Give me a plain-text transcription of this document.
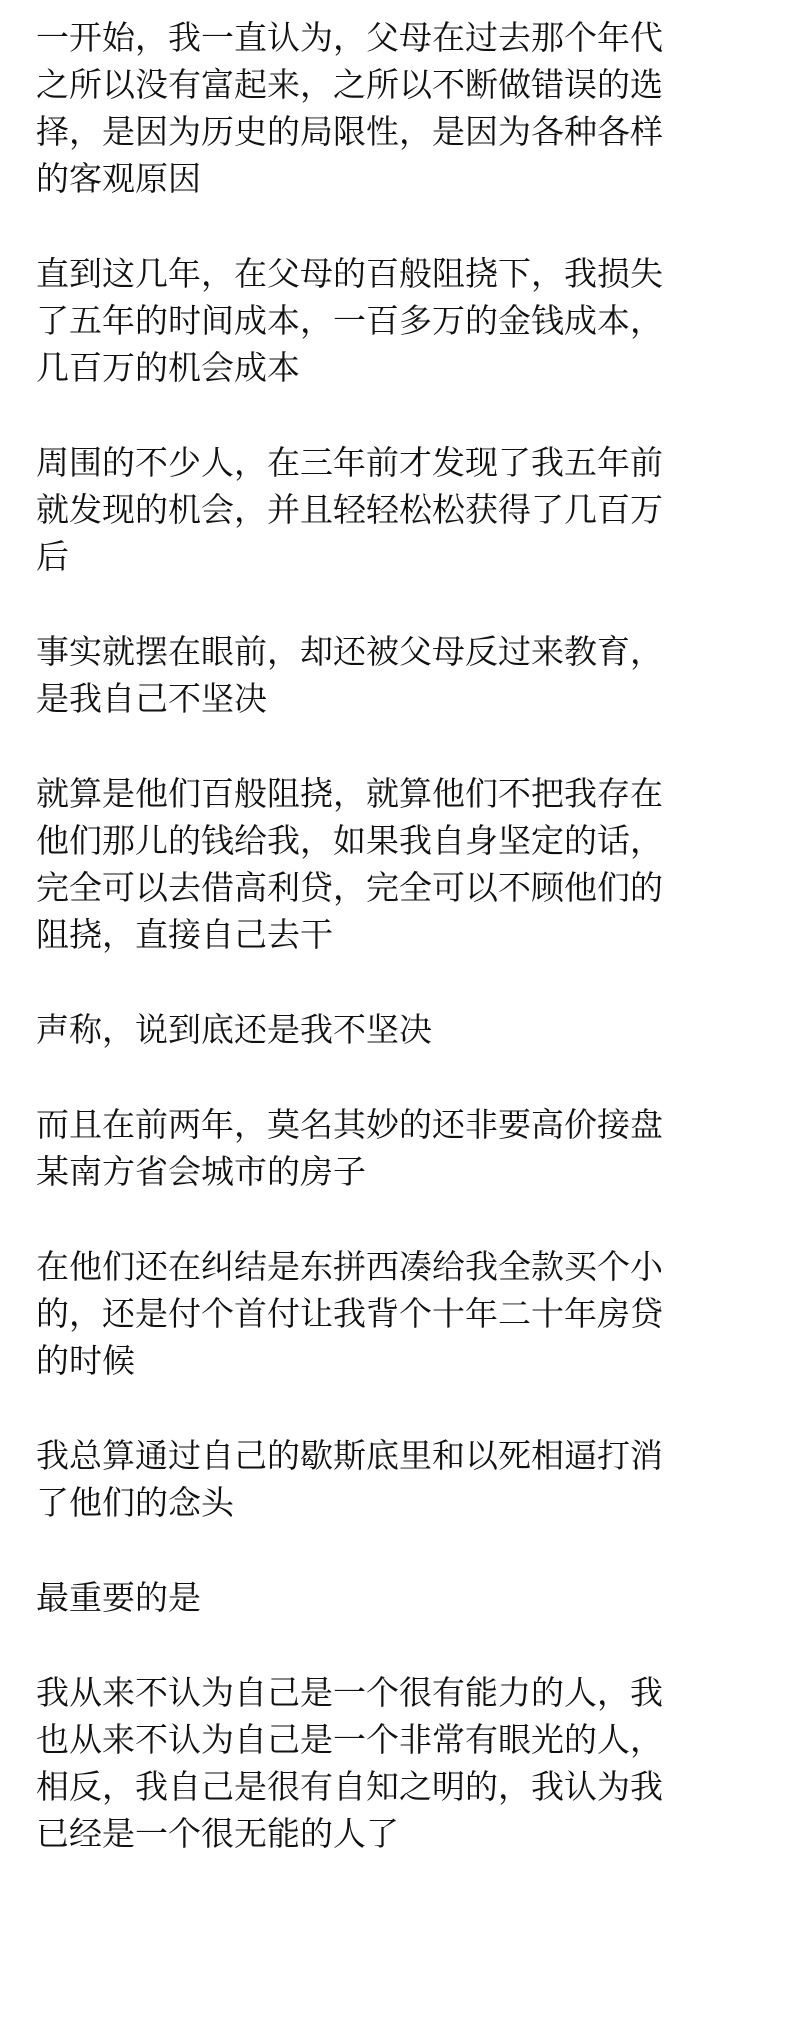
一开始，我一直认为，父母在过去那个年代
之所以没有富起来，之所以不断做错误的选
择，是因为历史的局限性，是因为各种各样
的客观原因

直到这几年，在父母的百般阻挠下，我损失
了五年的时间成本，一百多万的金钱成本，
几百万的机会成本

周围的不少人，在三年前才发现了我五年前
就发现的机会，并且轻轻松松获得了几百万
后

事实就摆在眼前，却还被父母反过来教育，
是我自己不坚决

就算是他们百般阻挠，就算他们不把我存在
他们那儿的钱给我，如果我自身坚定的话，
完全可以去借高利贷，完全可以不顾他们的
阻挠，直接自己去干

声称，说到底还是我不坚决

而且在前两年，莫名其妙的还非要高价接盘
某南方省会城市的房子

在他们还在纠结是东拼西凑给我全款买个小
的，还是付个首付让我背个十年二十年房贷
的时候

我总算通过自己的歇斯底里和以死相逼打消
了他们的念头

最重要的是

我从来不认为自己是一个很有能力的人，我
也从来不认为自己是一个非常有眼光的人，
相反，我自己是很有自知之明的，我认为我
已经是一个很无能的人了
